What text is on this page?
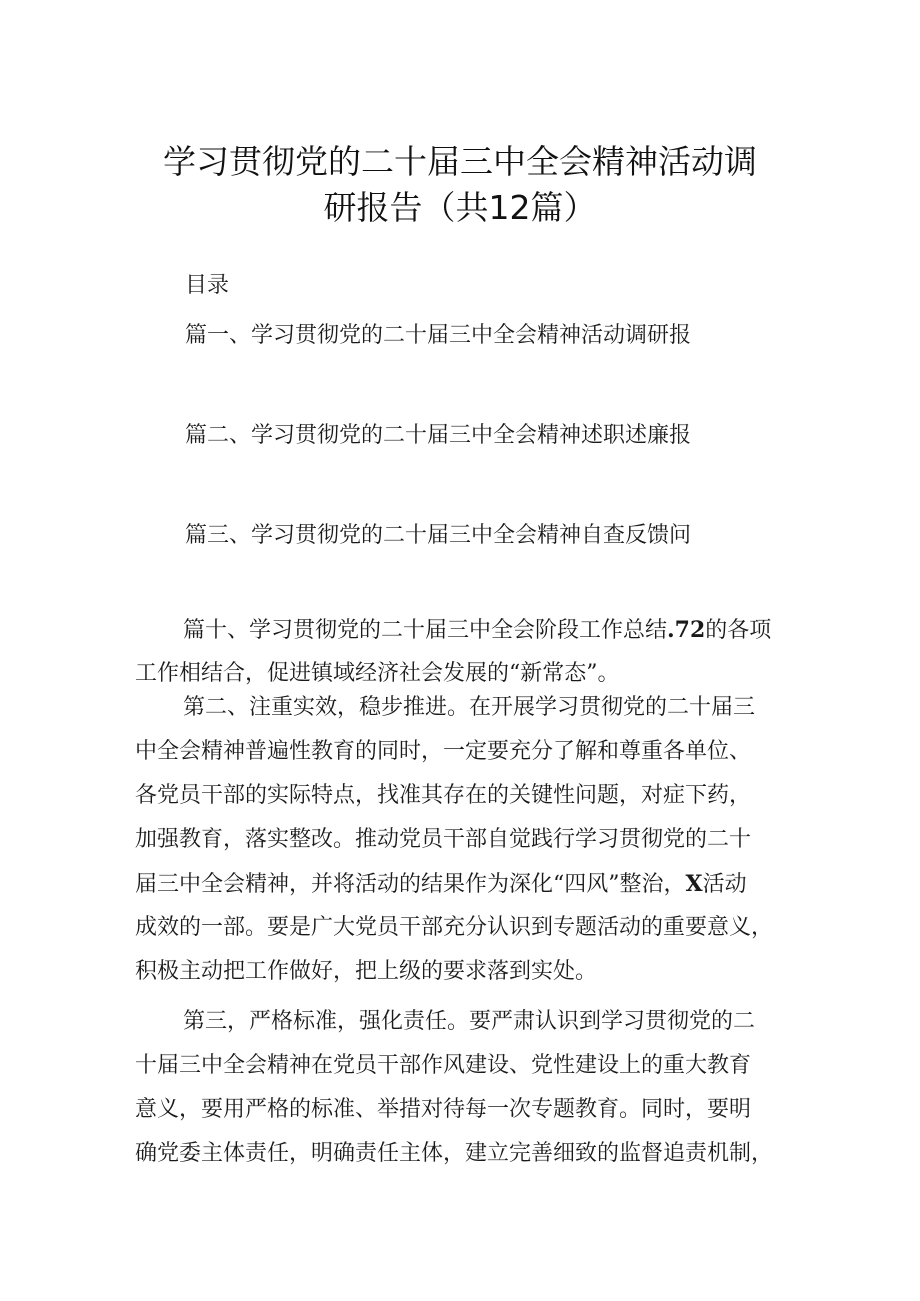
学习贯彻党的二十届三中全会精神活动调
研报告（共12篇）
目录
篇一、学习贯彻党的二十届三中全会精神活动调研报
篇二、学习贯彻党的二十届三中全会精神述职述廉报
篇三、学习贯彻党的二十届三中全会精神自查反馈问
篇十、学习贯彻党的二十届三中全会阶段工作总结.72的各项
工作相结合，促进镇域经济社会发展的“新常态”。
第二、注重实效，稳步推进。在开展学习贯彻党的二十届三
中全会精神普遍性教育的同时，一定要充分了解和尊重各单位、
各党员干部的实际特点，找准其存在的关键性问题，对症下药，
加强教育，落实整改。推动党员干部自觉践行学习贯彻党的二十
届三中全会精神，并将活动的结果作为深化“四风”整治，X活动
成效的一部。要是广大党员干部充分认识到专题活动的重要意义，
积极主动把工作做好，把上级的要求落到实处。
第三，严格标准，强化责任。要严肃认识到学习贯彻党的二
十届三中全会精神在党员干部作风建设、党性建设上的重大教育
意义，要用严格的标准、举措对待每一次专题教育。同时，要明
确党委主体责任，明确责任主体，建立完善细致的监督追责机制，
